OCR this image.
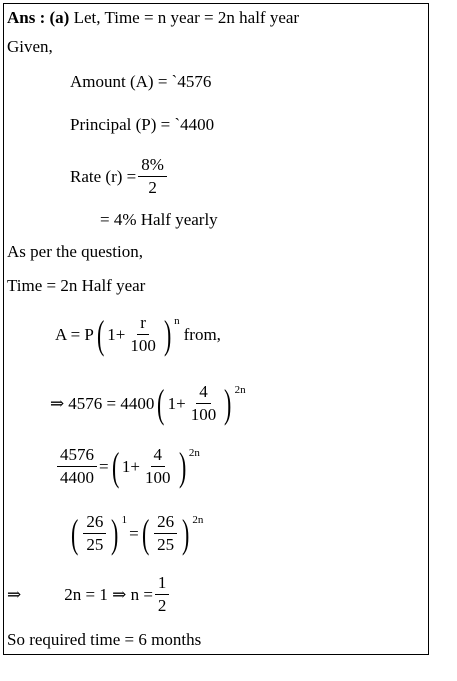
Ans : (a) Let, Time = n year = 2n half year
Given,
Amount (A) = `4576
Principal (P) = `4400
Rate $(r) = \frac{8\%}{2}$
= 4% Half yearly
As per the question,
Time = 2n Half year
A = P ( $1+ \frac{r}{100}$ ) n
from,
⇒ 4576 = 4400 ( $1+ \frac{4}{100}$ ) 2n
$\frac{4576}{4400}$ = ( $1+ \frac{4}{100}$ ) 2n
( $\frac{26}{25}$ ) 1
= ( $\frac{26}{25}$ ) 2n
⇒	2n = 1 ⇒ $n = \frac{1}{2}$
So required time = 6 months
